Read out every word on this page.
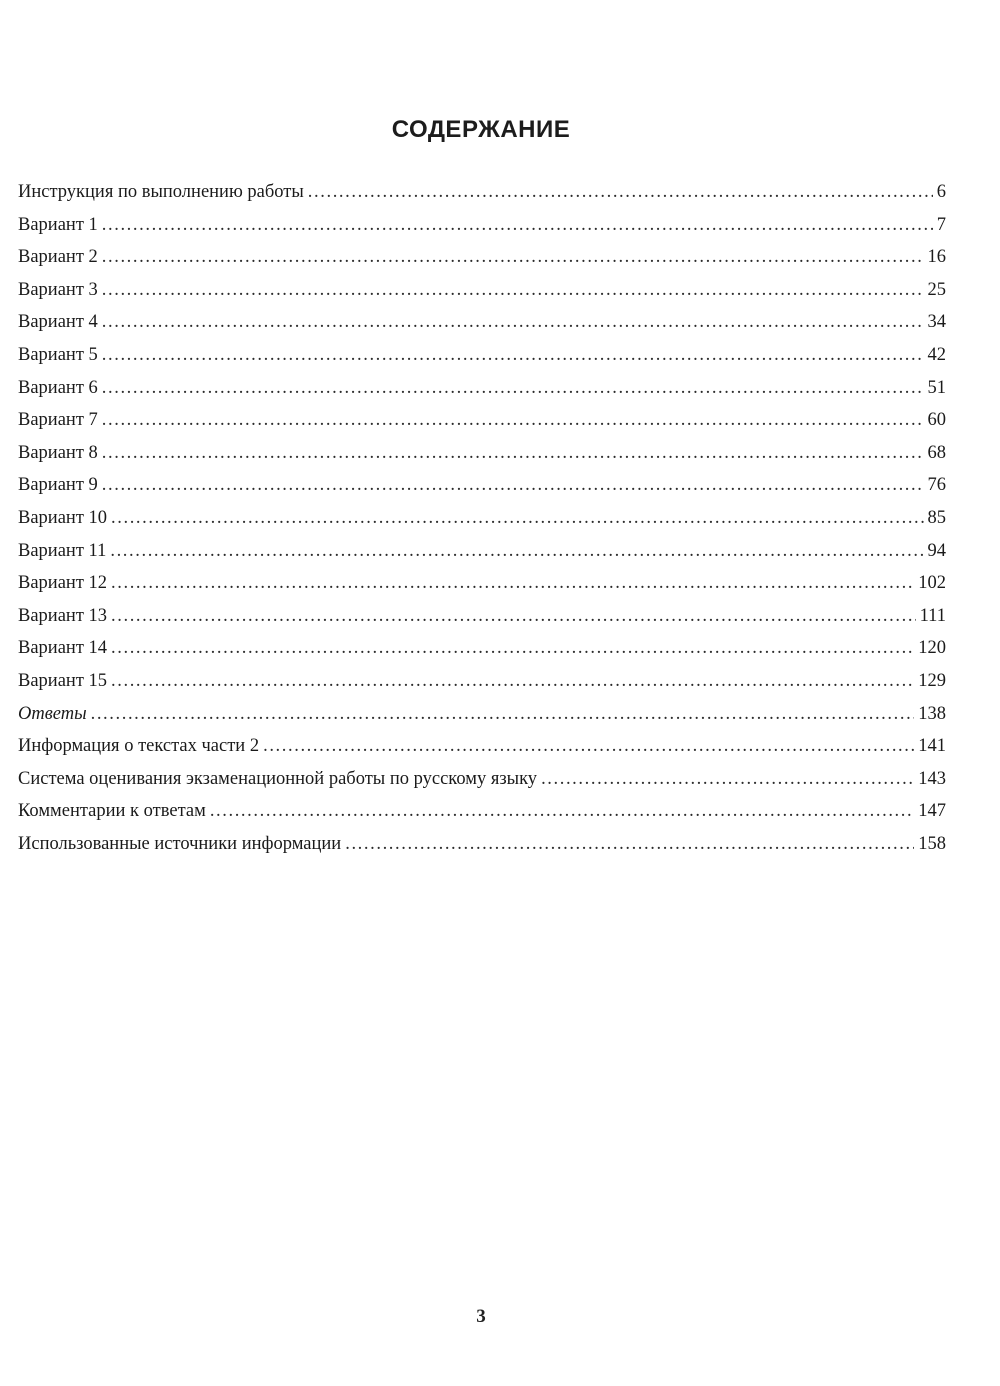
СОДЕРЖАНИЕ
Инструкция по выполнению работы .....	6
Вариант 1 .....	7
Вариант 2 .....	16
Вариант 3 .....	25
Вариант 4 .....	34
Вариант 5 .....	42
Вариант 6 .....	51
Вариант 7 .....	60
Вариант 8 .....	68
Вариант 9 .....	76
Вариант 10 .....	85
Вариант 11 .....	94
Вариант 12 .....	102
Вариант 13 .....	111
Вариант 14 .....	120
Вариант 15 .....	129
Ответы .....	138
Информация о текстах части 2 .....	141
Система оценивания экзаменационной работы по русскому языку .....	143
Комментарии к ответам .....	147
Использованные источники информации .....	158
3
